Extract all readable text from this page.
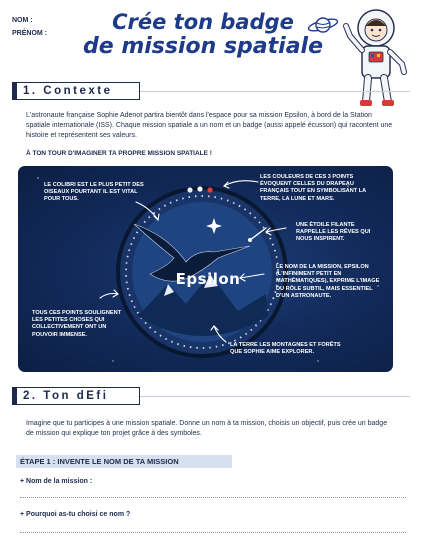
NOM :
PRÉNOM :	Crée ton badge
de mission spatiale
1. Contexte
L'astronaute française Sophie Adenot partira bientôt dans l'espace pour sa mission Epsilon, à bord de la Station spatiale internationale (ISS). Chaque mission spatiale a un nom et un badge (aussi appelé écusson) qui racontent une histoire et représentent ses valeurs.
À TON TOUR D'IMAGINER TA PROPRE MISSION SPATIALE !
LE COLIBRI EST LE PLUS PETIT DES OISEAUX POURTANT IL EST VITAL POUR TOUS.
LES COULEURS DE CES 3 POINTS ÉVOQUENT CELLES DU DRAPEAU FRANÇAIS TOUT EN SYMBOLISANT LA TERRE, LA LUNE ET MARS.
UNE ÉTOILE FILANTE RAPPELLE LES RÊVES QUI NOUS INSPIRENT.
LE NOM DE LA MISSION, EPSILON (L'INFINIMENT PETIT EN MATHÉMATIQUES), EXPRIME L'IMAGE DU RÔLE SUBTIL, MAIS ESSENTIEL D'UN ASTRONAUTE.
TOUS CES POINTS SOULIGNENT LES PETITES CHOSES QUI COLLECTIVEMENT ONT UN POUVOIR IMMENSE.
LA TERRE LES MONTAGNES ET FORÊTS QUE SOPHIE AIME EXPLORER.
Epsilon
2. Ton dEfi
Imagine que tu participes à une mission spatiale. Donne un nom à ta mission, choisis un objectif, puis crée un badge de mission qui explique ton projet grâce à des symboles.
ÉTAPE 1 : INVENTE LE NOM DE TA MISSION
+ Nom de la mission :
+ Pourquoi as-tu choisi ce nom ?
